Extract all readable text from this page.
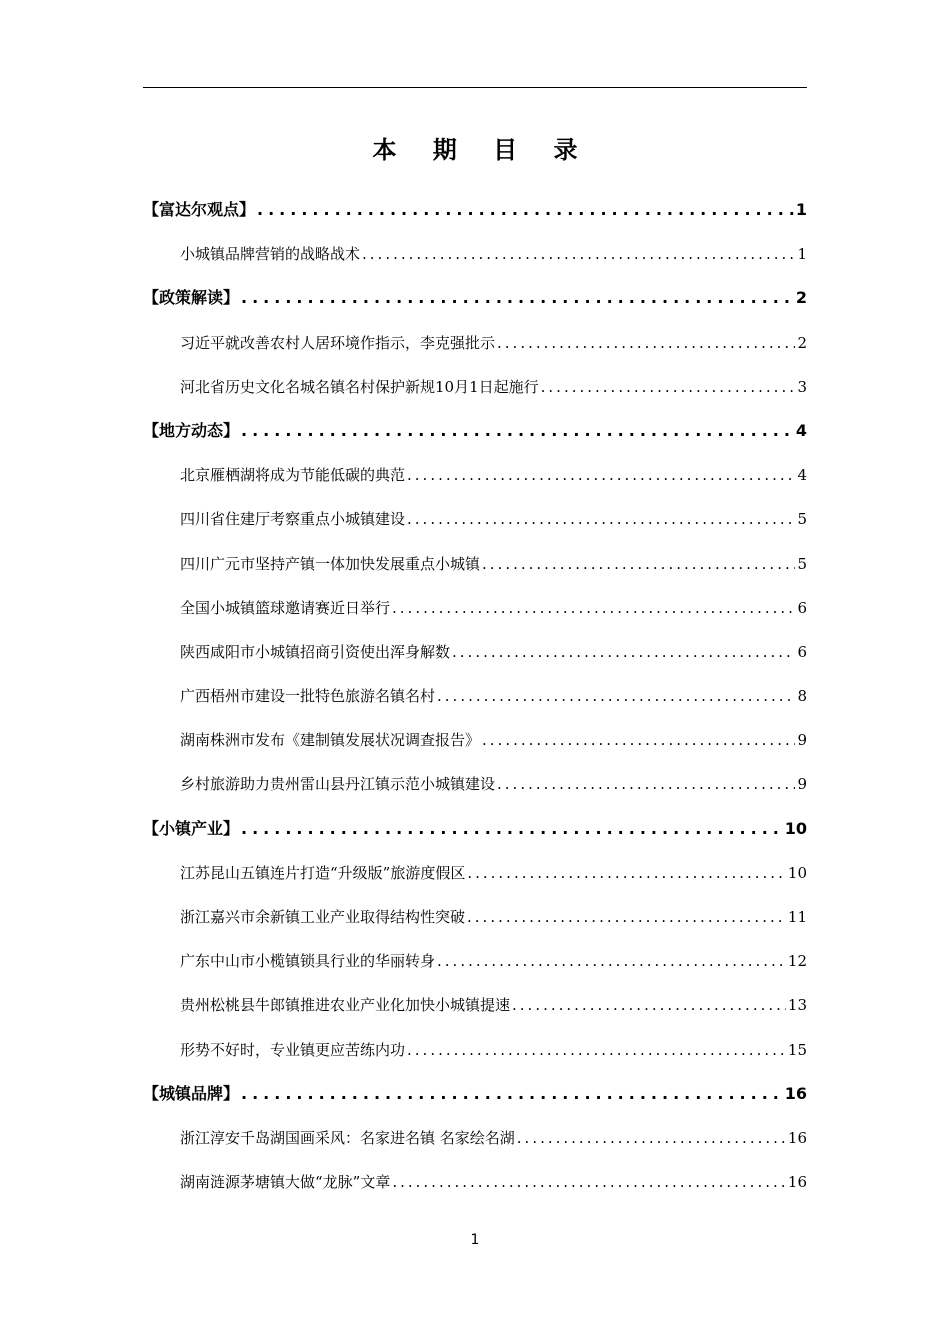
本 期 目 录
【富达尔观点】 .....	1
小城镇品牌营销的战略战术 .....	1
【政策解读】 .....	2
习近平就改善农村人居环境作指示，李克强批示 .....	2
河北省历史文化名城名镇名村保护新规10月1日起施行 .....	3
【地方动态】 .....	4
北京雁栖湖将成为节能低碳的典范 .....	4
四川省住建厅考察重点小城镇建设 .....	5
四川广元市坚持产镇一体加快发展重点小城镇 .....	5
全国小城镇篮球邀请赛近日举行 .....	6
陕西咸阳市小城镇招商引资使出浑身解数 .....	6
广西梧州市建设一批特色旅游名镇名村 .....	8
湖南株洲市发布《建制镇发展状况调查报告》 .....	9
乡村旅游助力贵州雷山县丹江镇示范小城镇建设 .....	9
【小镇产业】 .....	10
江苏昆山五镇连片打造“升级版”旅游度假区 .....	10
浙江嘉兴市余新镇工业产业取得结构性突破 .....	11
广东中山市小榄镇锁具行业的华丽转身 .....	12
贵州松桃县牛郎镇推进农业产业化加快小城镇提速 .....	13
形势不好时，专业镇更应苦练内功 .....	15
【城镇品牌】 .....	16
浙江淳安千岛湖国画采风：名家进名镇 名家绘名湖 .....	16
湖南涟源茅塘镇大做“龙脉”文章 .....	16
1
